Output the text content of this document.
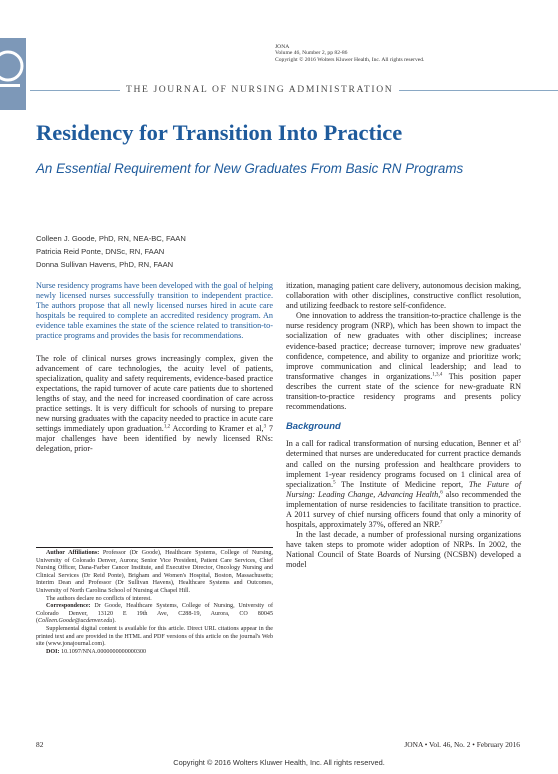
JONA
Volume 46, Number 2, pp 82-86
Copyright © 2016 Wolters Kluwer Health, Inc. All rights reserved.
THE JOURNAL OF NURSING ADMINISTRATION
Residency for Transition Into Practice
An Essential Requirement for New Graduates From Basic RN Programs
Colleen J. Goode, PhD, RN, NEA-BC, FAAN
Patricia Reid Ponte, DNSc, RN, FAAN
Donna Sullivan Havens, PhD, RN, FAAN

Nurse residency programs have been developed with the goal of helping newly licensed nurses successfully transition to independent practice. The authors propose that all newly licensed nurses hired in acute care hospitals be required to complete an accredited residency program. An evidence table examines the state of the science related to transition-to-practice programs and provides the basis for recommendations.

The role of clinical nurses grows increasingly complex, given the advancement of care technologies, the acuity level of patients, specialization, quality and safety requirements, evidence-based practice expectations, the rapid turnover of acute care patients due to shortened lengths of stay, and the need for increased coordination of care across practice settings. It is very difficult for schools of nursing to prepare new nursing graduates with the capacity needed to practice in acute care settings immediately upon graduation.$^{1,2}$ According to Kramer et al,$^3$ 7 major challenges have been identified by newly licensed RNs: delegation, prior-

Author Affiliations: Professor (Dr Goode), Healthcare Systems, College of Nursing, University of Colorado Denver, Aurora; Senior Vice President, Patient Care Services, Chief Nursing Officer, Dana-Farber Cancer Institute, and Executive Director, Oncology Nursing and Clinical Services (Dr Reid Ponte), Brigham and Women's Hospital, Boston, Massachusetts; Interim Dean and Professor (Dr Sullivan Havens), Healthcare Systems and Outcomes, University of North Carolina School of Nursing at Chapel Hill.

The authors declare no conflicts of interest.

Correspondence: Dr Goode, Healthcare Systems, College of Nursing, University of Colorado Denver, 13120 E 19th Ave, C288-19, Aurora, CO 80045 (Colleen.Goode@ucdenver.edu).

Supplemental digital content is available for this article. Direct URL citations appear in the printed text and are provided in the HTML and PDF versions of this article on the journal's Web site (www.jonajournal.com).

DOI: 10.1097/NNA.0000000000000300

itization, managing patient care delivery, autonomous decision making, collaboration with other disciplines, constructive conflict resolution, and utilizing feedback to restore self-confidence.

One innovation to address the transition-to-practice challenge is the nurse residency program (NRP), which has been shown to impact the socialization of new graduates with other disciplines; increase evidence-based practice; decrease turnover; improve new graduates' confidence, competence, and ability to organize and prioritize work; improve communication and clinical leadership; and lead to transformative changes in organizations.$^{1,3,4}$ This position paper describes the current state of the science for new-graduate RN transition-to-practice residency programs and presents policy recommendations.

Background

In a call for radical transformation of nursing education, Benner et $al^5$ determined that nurses are undereducated for current practice demands and called on the nursing profession and healthcare providers to implement 1-year residency programs focused on 1 clinical area of specialization.$^5$ The Institute of Medicine report, The Future of Nursing: Leading Change, Advancing Health,$^6$ also recommended the implementation of nurse residencies to facilitate transition to practice. A 2011 survey of chief nursing officers found that only a minority of hospitals, approximately 37%, offered an NRP.$^7$

In the last decade, a number of professional nursing organizations have taken steps to promote wider adoption of NRPs. In 2002, the National Council of State Boards of Nursing (NCSBN) developed a model

82	JONA • Vol. 46, No. 2 • February 2016
Copyright © 2016 Wolters Kluwer Health, Inc. All rights reserved.
